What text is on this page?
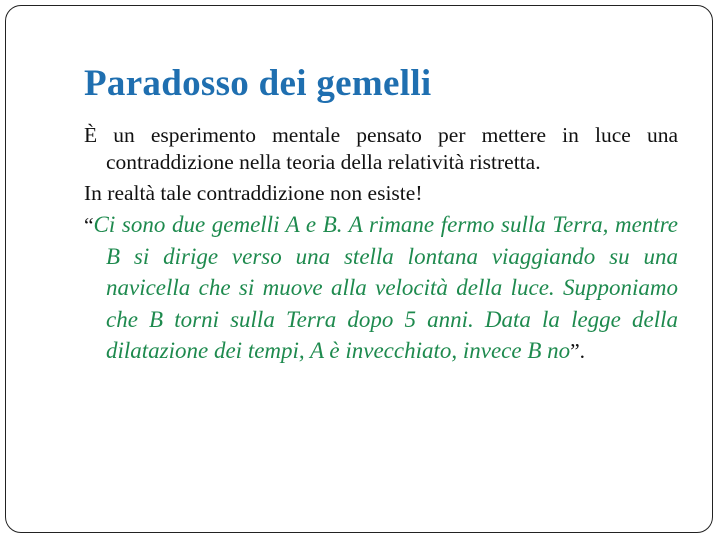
Paradosso dei gemelli

È un esperimento mentale pensato per mettere in luce una contraddizione nella teoria della relatività ristretta.

In realtà tale contraddizione non esiste!

“Ci sono due gemelli A e B. A rimane fermo sulla Terra, mentre B si dirige verso una stella lontana viaggiando su una navicella che si muove alla velocità della luce. Supponiamo che B torni sulla Terra dopo 5 anni. Data la legge della dilatazione dei tempi, A è invecchiato, invece B no”.
